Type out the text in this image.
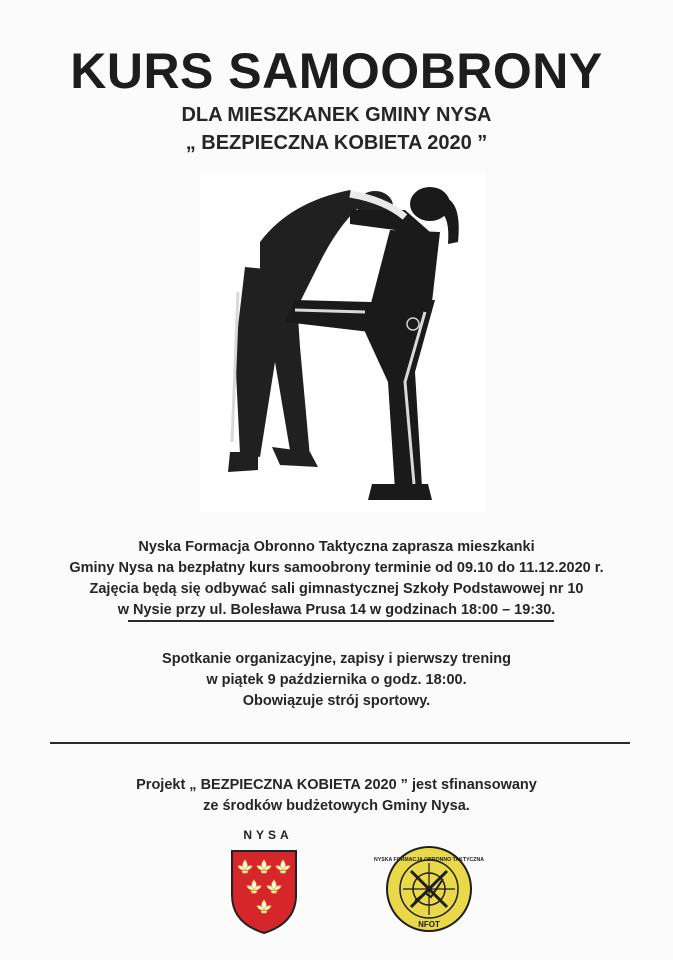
KURS SAMOOBRONY
DLA MIESZKANEK GMINY NYSA
„ BEZPIECZNA KOBIETA 2020 ”
Nyska Formacja Obronno Taktyczna zaprasza mieszkanki
Gminy Nysa na bezpłatny kurs samoobrony terminie od 09.10 do 11.12.2020 r.
Zajęcia będą się odbywać sali gimnastycznej Szkoły Podstawowej nr 10
w Nysie przy ul. Bolesława Prusa 14 w godzinach 18:00 – 19:30.
Spotkanie organizacyjne, zapisy i pierwszy trening
w piątek 9 października o godz. 18:00.
Obowiązuje strój sportowy.
Projekt „ BEZPIECZNA KOBIETA 2020 ” jest sfinansowany
ze środków budżetowych Gminy Nysa.
NYSA
NYSKA FORMACJA OBRONNO TAKTYCZNA
NFOT
